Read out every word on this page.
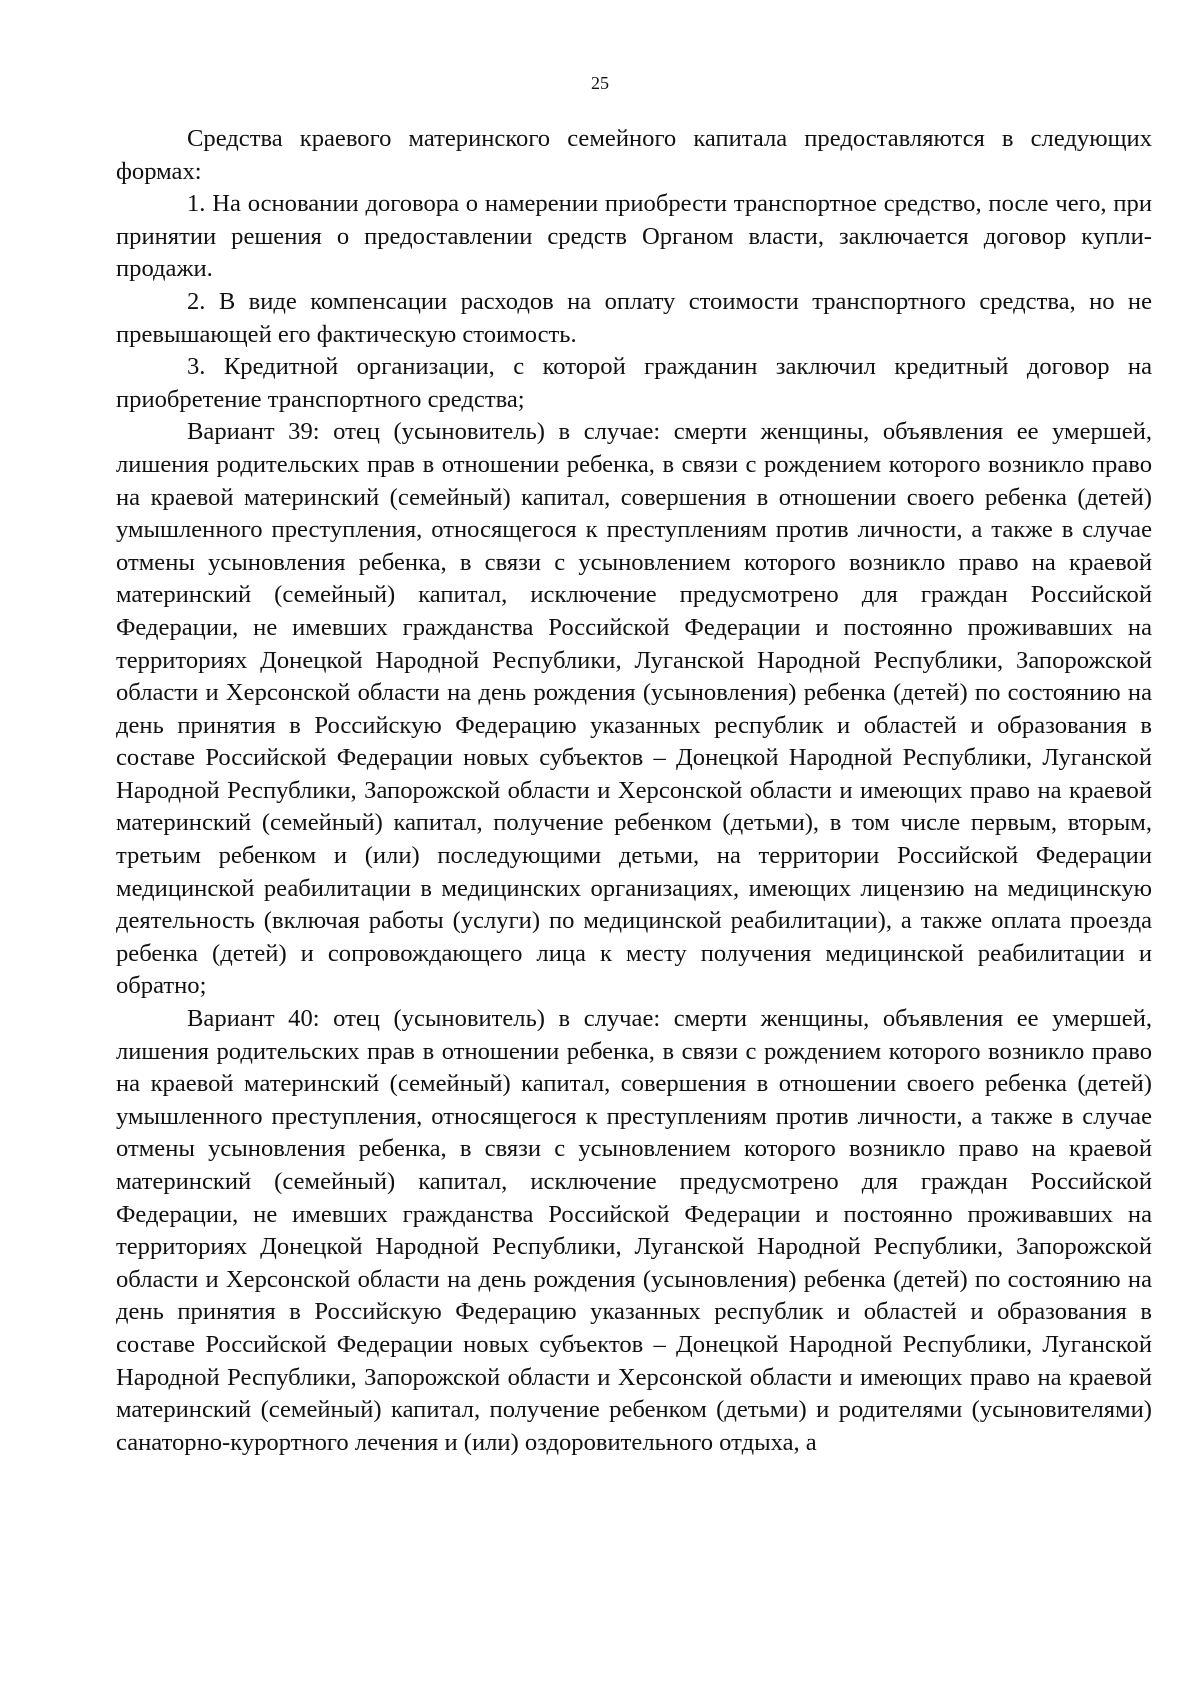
25

Средства краевого материнского семейного капитала предоставляются в следующих формах:

1. На основании договора о намерении приобрести транспортное средство, после чего, при принятии решения о предоставлении средств Органом власти, заключается договор купли-продажи.

2. В виде компенсации расходов на оплату стоимости транспортного средства, но не превышающей его фактическую стоимость.

3. Кредитной организации, с которой гражданин заключил кредитный договор на приобретение транспортного средства;

Вариант 39: отец (усыновитель) в случае: смерти женщины, объявления ее умершей, лишения родительских прав в отношении ребенка, в связи с рождением которого возникло право на краевой материнский (семейный) капитал, совершения в отношении своего ребенка (детей) умышленного преступления, относящегося к преступлениям против личности, а также в случае отмены усыновления ребенка, в связи с усыновлением которого возникло право на краевой материнский (семейный) капитал, исключение предусмотрено для граждан Российской Федерации, не имевших гражданства Российской Федерации и постоянно проживавших на территориях Донецкой Народной Республики, Луганской Народной Республики, Запорожской области и Херсонской области на день рождения (усыновления) ребенка (детей) по состоянию на день принятия в Российскую Федерацию указанных республик и областей и образования в составе Российской Федерации новых субъектов – Донецкой Народной Республики, Луганской Народной Республики, Запорожской области и Херсонской области и имеющих право на краевой материнский (семейный) капитал, получение ребенком (детьми), в том числе первым, вторым, третьим ребенком и (или) последующими детьми, на территории Российской Федерации медицинской реабилитации в медицинских организациях, имеющих лицензию на медицинскую деятельность (включая работы (услуги) по медицинской реабилитации), а также оплата проезда ребенка (детей) и сопровождающего лица к месту получения медицинской реабилитации и обратно;

Вариант 40: отец (усыновитель) в случае: смерти женщины, объявления ее умершей, лишения родительских прав в отношении ребенка, в связи с рождением которого возникло право на краевой материнский (семейный) капитал, совершения в отношении своего ребенка (детей) умышленного преступления, относящегося к преступлениям против личности, а также в случае отмены усыновления ребенка, в связи с усыновлением которого возникло право на краевой материнский (семейный) капитал, исключение предусмотрено для граждан Российской Федерации, не имевших гражданства Российской Федерации и постоянно проживавших на территориях Донецкой Народной Республики, Луганской Народной Республики, Запорожской области и Херсонской области на день рождения (усыновления) ребенка (детей) по состоянию на день принятия в Российскую Федерацию указанных республик и областей и образования в составе Российской Федерации новых субъектов – Донецкой Народной Республики, Луганской Народной Республики, Запорожской области и Херсонской области и имеющих право на краевой материнский (семейный) капитал, получение ребенком (детьми) и родителями (усыновителями) санаторно-курортного лечения и (или) оздоровительного отдыха, а
